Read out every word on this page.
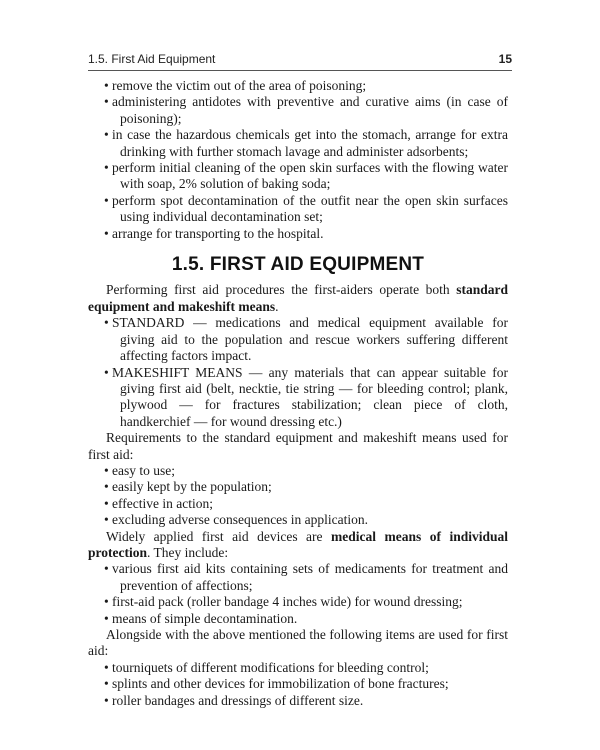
1.5. First Aid Equipment	15
• remove the victim out of the area of poisoning;
• administering antidotes with preventive and curative aims (in case of poisoning);
• in case the hazardous chemicals get into the stomach, arrange for extra drinking with further stomach lavage and administer adsorbents;
• perform initial cleaning of the open skin surfaces with the flowing water with soap, 2% solution of baking soda;
• perform spot decontamination of the outfit near the open skin surfaces using individual decontamination set;
• arrange for transporting to the hospital.
1.5. FIRST AID EQUIPMENT

Performing first aid procedures the first-aiders operate both standard equipment and makeshift means.

• STANDARD — medications and medical equipment available for giving aid to the population and rescue workers suffering different affecting factors impact.
• MAKESHIFT MEANS — any materials that can appear suitable for giving first aid (belt, necktie, tie string — for bleeding control; plank, plywood — for fractures stabilization; clean piece of cloth, handkerchief — for wound dressing etc.)

Requirements to the standard equipment and makeshift means used for first aid:

• easy to use;
• easily kept by the population;
• effective in action;
• excluding adverse consequences in application.

Widely applied first aid devices are medical means of individual protection. They include:

• various first aid kits containing sets of medicaments for treatment and prevention of affections;
• first-aid pack (roller bandage 4 inches wide) for wound dressing;
• means of simple decontamination.

Alongside with the above mentioned the following items are used for first aid:

• tourniquets of different modifications for bleeding control;
• splints and other devices for immobilization of bone fractures;
• roller bandages and dressings of different size.
